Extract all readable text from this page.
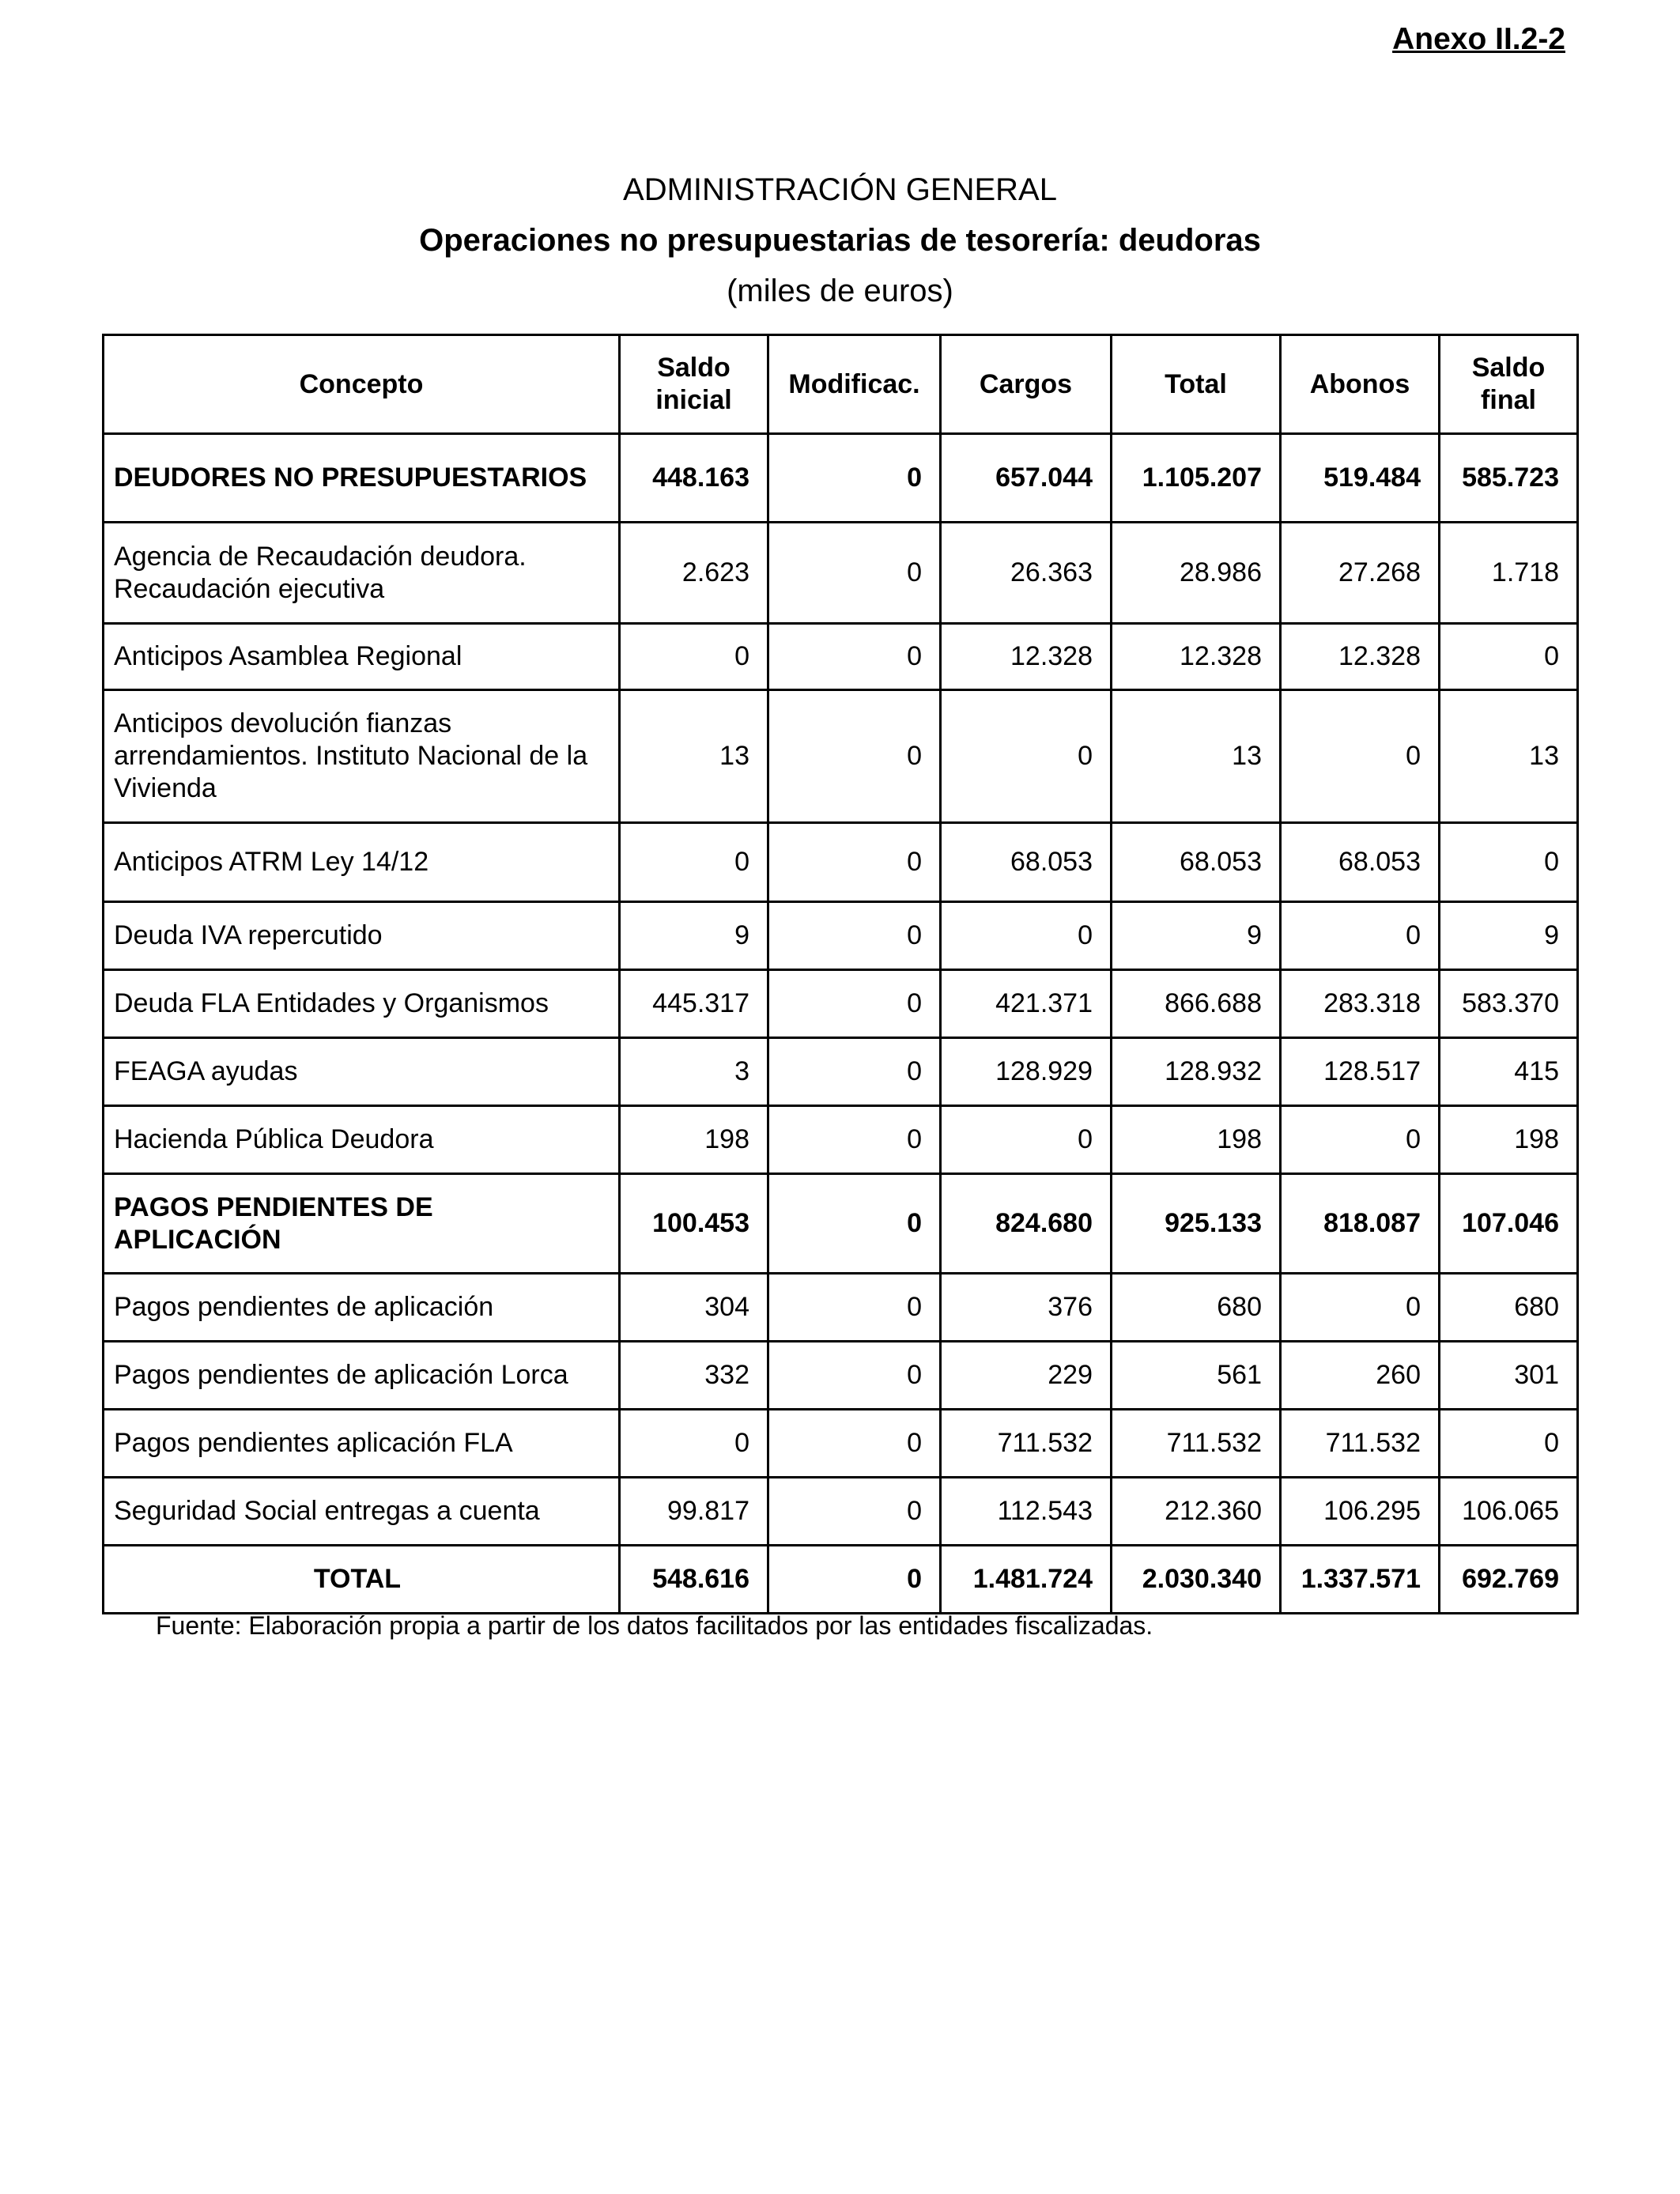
Anexo II.2-2
ADMINISTRACIÓN GENERAL
Operaciones no presupuestarias de tesorería: deudoras
(miles de euros)
Concepto	Saldo inicial	Modificac.	Cargos	Total	Abonos	Saldo final
DEUDORES NO PRESUPUESTARIOS	448.163	0	657.044	1.105.207	519.484	585.723
Agencia de Recaudación deudora. Recaudación ejecutiva	2.623	0	26.363	28.986	27.268	1.718
Anticipos Asamblea Regional	0	0	12.328	12.328	12.328	0
Anticipos devolución fianzas arrendamientos. Instituto Nacional de la Vivienda	13	0	0	13	0	13
Anticipos ATRM Ley 14/12	0	0	68.053	68.053	68.053	0
Deuda IVA repercutido	9	0	0	9	0	9
Deuda FLA Entidades y Organismos	445.317	0	421.371	866.688	283.318	583.370
FEAGA ayudas	3	0	128.929	128.932	128.517	415
Hacienda Pública Deudora	198	0	0	198	0	198
PAGOS PENDIENTES DE APLICACIÓN	100.453	0	824.680	925.133	818.087	107.046
Pagos pendientes de aplicación	304	0	376	680	0	680
Pagos pendientes de aplicación Lorca	332	0	229	561	260	301
Pagos pendientes aplicación FLA	0	0	711.532	711.532	711.532	0
Seguridad Social entregas a cuenta	99.817	0	112.543	212.360	106.295	106.065
TOTAL	548.616	0	1.481.724	2.030.340	1.337.571	692.769
Fuente: Elaboración propia a partir de los datos facilitados por las entidades fiscalizadas.
